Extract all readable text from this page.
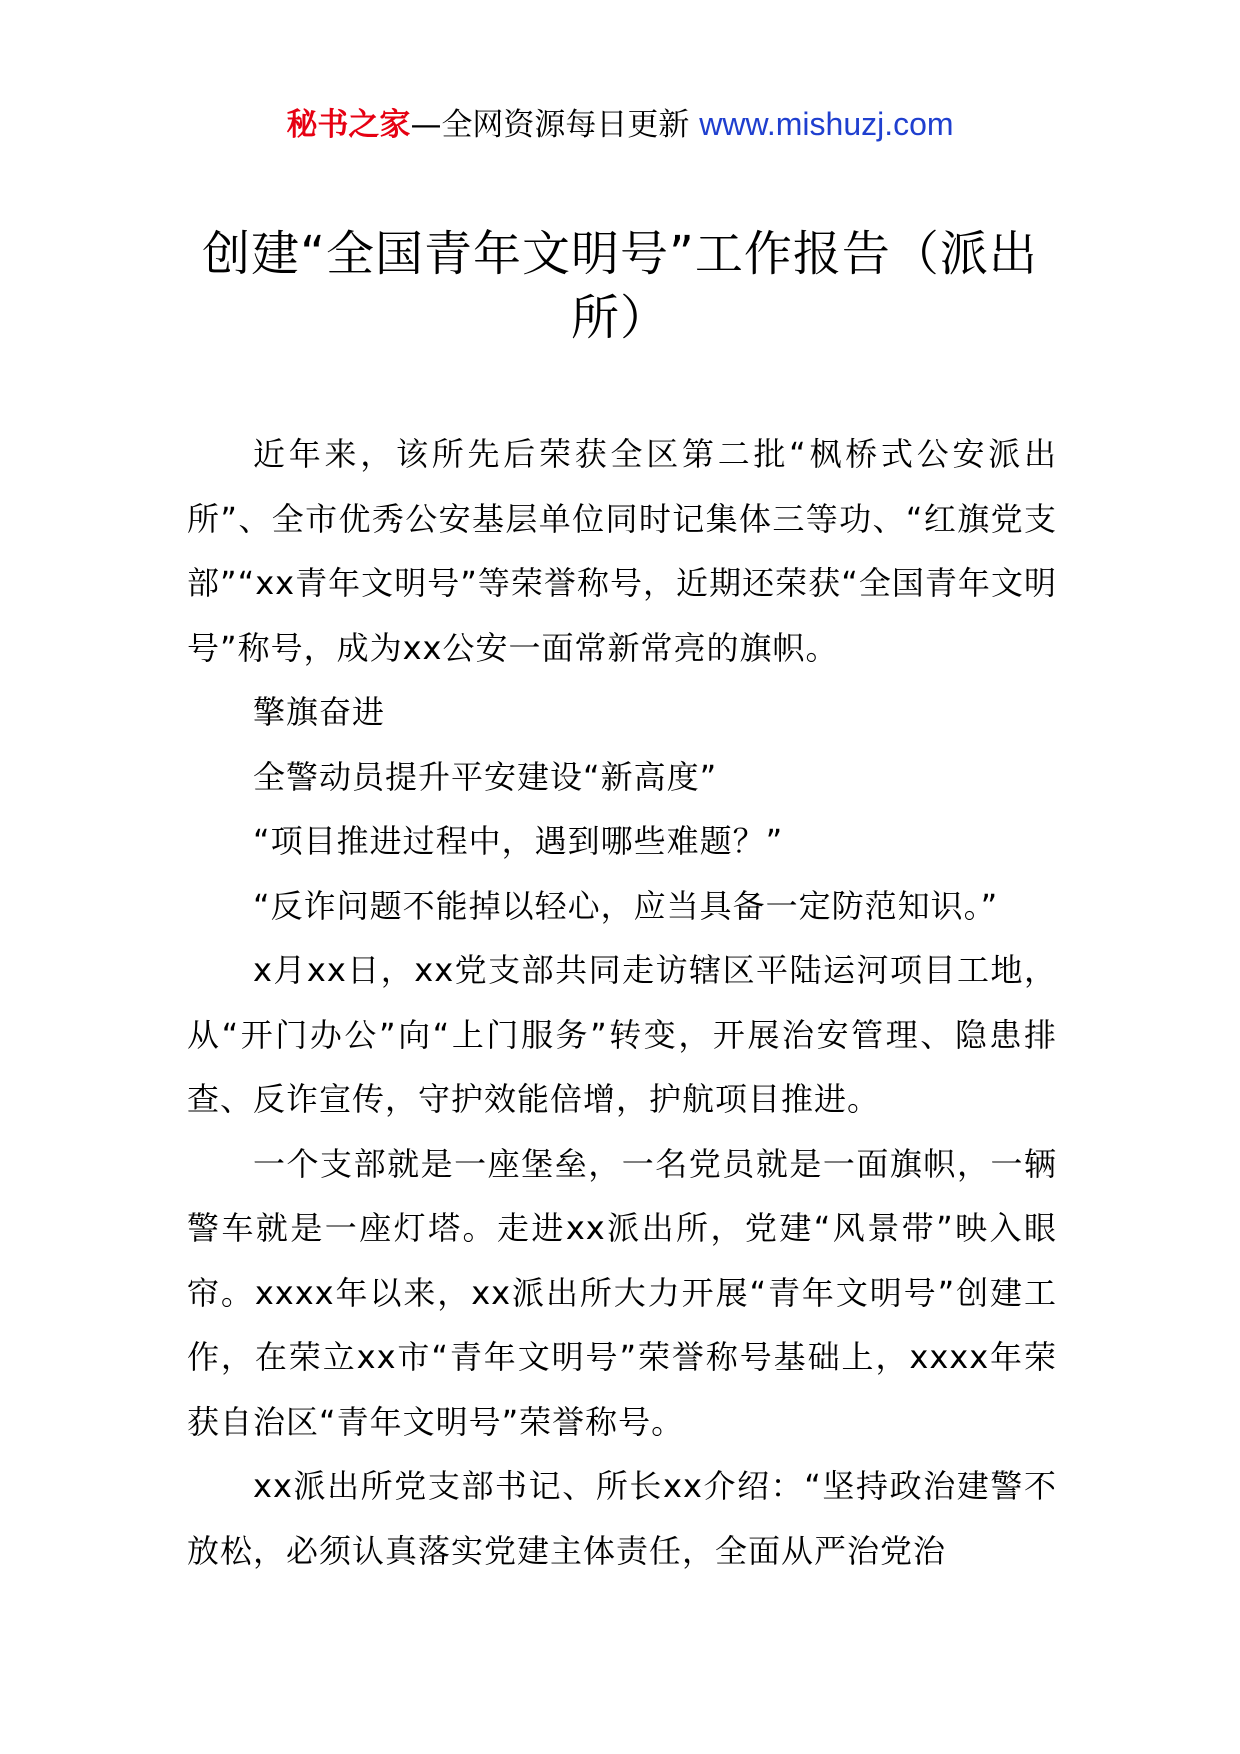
秘书之家—全网资源每日更新 www.mishuzj.com
创建“全国青年文明号”工作报告（派出所）

近年来，该所先后荣获全区第二批“枫桥式公安派出所”、全市优秀公安基层单位同时记集体三等功、“红旗党支部”“xx青年文明号”等荣誉称号，近期还荣获“全国青年文明号”称号，成为xx公安一面常新常亮的旗帜。

擎旗奋进

全警动员提升平安建设“新高度”

“项目推进过程中，遇到哪些难题？”

“反诈问题不能掉以轻心，应当具备一定防范知识。”

x月xx日，xx党支部共同走访辖区平陆运河项目工地，从“开门办公”向“上门服务”转变，开展治安管理、隐患排查、反诈宣传，守护效能倍增，护航项目推进。

一个支部就是一座堡垒，一名党员就是一面旗帜，一辆警车就是一座灯塔。走进xx派出所，党建“风景带”映入眼帘。xxxx年以来，xx派出所大力开展“青年文明号”创建工作，在荣立xx市“青年文明号”荣誉称号基础上，xxxx年荣获自治区“青年文明号”荣誉称号。

xx派出所党支部书记、所长xx介绍：“坚持政治建警不放松，必须认真落实党建主体责任，全面从严治党治
